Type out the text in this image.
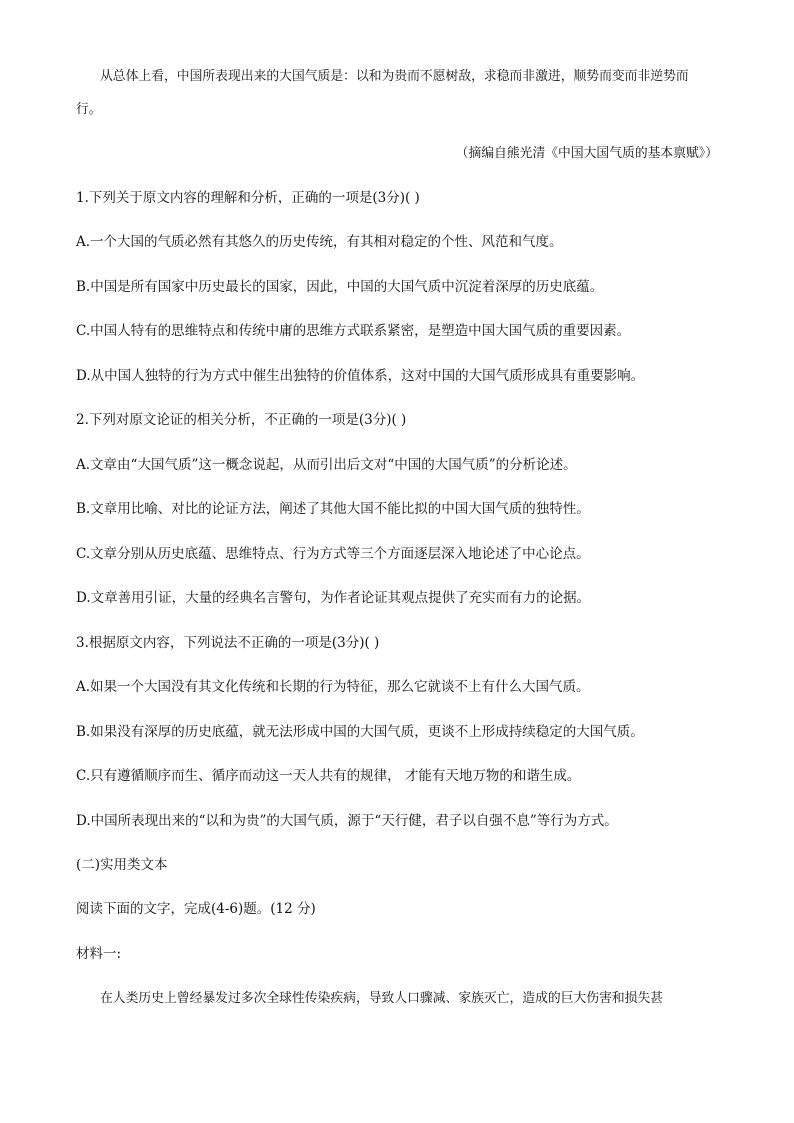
从总体上看，中国所表现出来的大国气质是：以和为贵而不愿树敌，求稳而非激进，顺势而变而非逆势而
行。
（摘编自熊光清《中国大国气质的基本禀赋》）
1.下列关于原文内容的理解和分析，正确的一项是(3分)( )
A.一个大国的气质必然有其悠久的历史传统，有其相对稳定的个性、风范和气度。
B.中国是所有国家中历史最长的国家，因此，中国的大国气质中沉淀着深厚的历史底蕴。
C.中国人特有的思维特点和传统中庸的思维方式联系紧密，是塑造中国大国气质的重要因素。
D.从中国人独特的行为方式中催生出独特的价值体系，这对中国的大国气质形成具有重要影响。
2.下列对原文论证的相关分析，不正确的一项是(3分)( )
A.文章由“大国气质”这一概念说起，从而引出后文对“中国的大国气质”的分析论述。
B.文章用比喻、对比的论证方法，阐述了其他大国不能比拟的中国大国气质的独特性。
C.文章分别从历史底蕴、思维特点、行为方式等三个方面逐层深入地论述了中心论点。
D.文章善用引证，大量的经典名言警句，为作者论证其观点提供了充实而有力的论据。
3.根据原文内容，下列说法不正确的一项是(3分)( )
A.如果一个大国没有其文化传统和长期的行为特征，那么它就谈不上有什么大国气质。
B.如果没有深厚的历史底蕴，就无法形成中国的大国气质，更谈不上形成持续稳定的大国气质。
C.只有遵循顺序而生、循序而动这一天人共有的规律， 才能有天地万物的和谐生成。
D.中国所表现出来的“以和为贵”的大国气质，源于“天行健，君子以自强不息”等行为方式。
(二)实用类文本
阅读下面的文字，完成(4-6)题。(12 分)
材料一:
在人类历史上曾经暴发过多次全球性传染疾病，导致人口骤减、家族灭亡，造成的巨大伤害和损失甚
